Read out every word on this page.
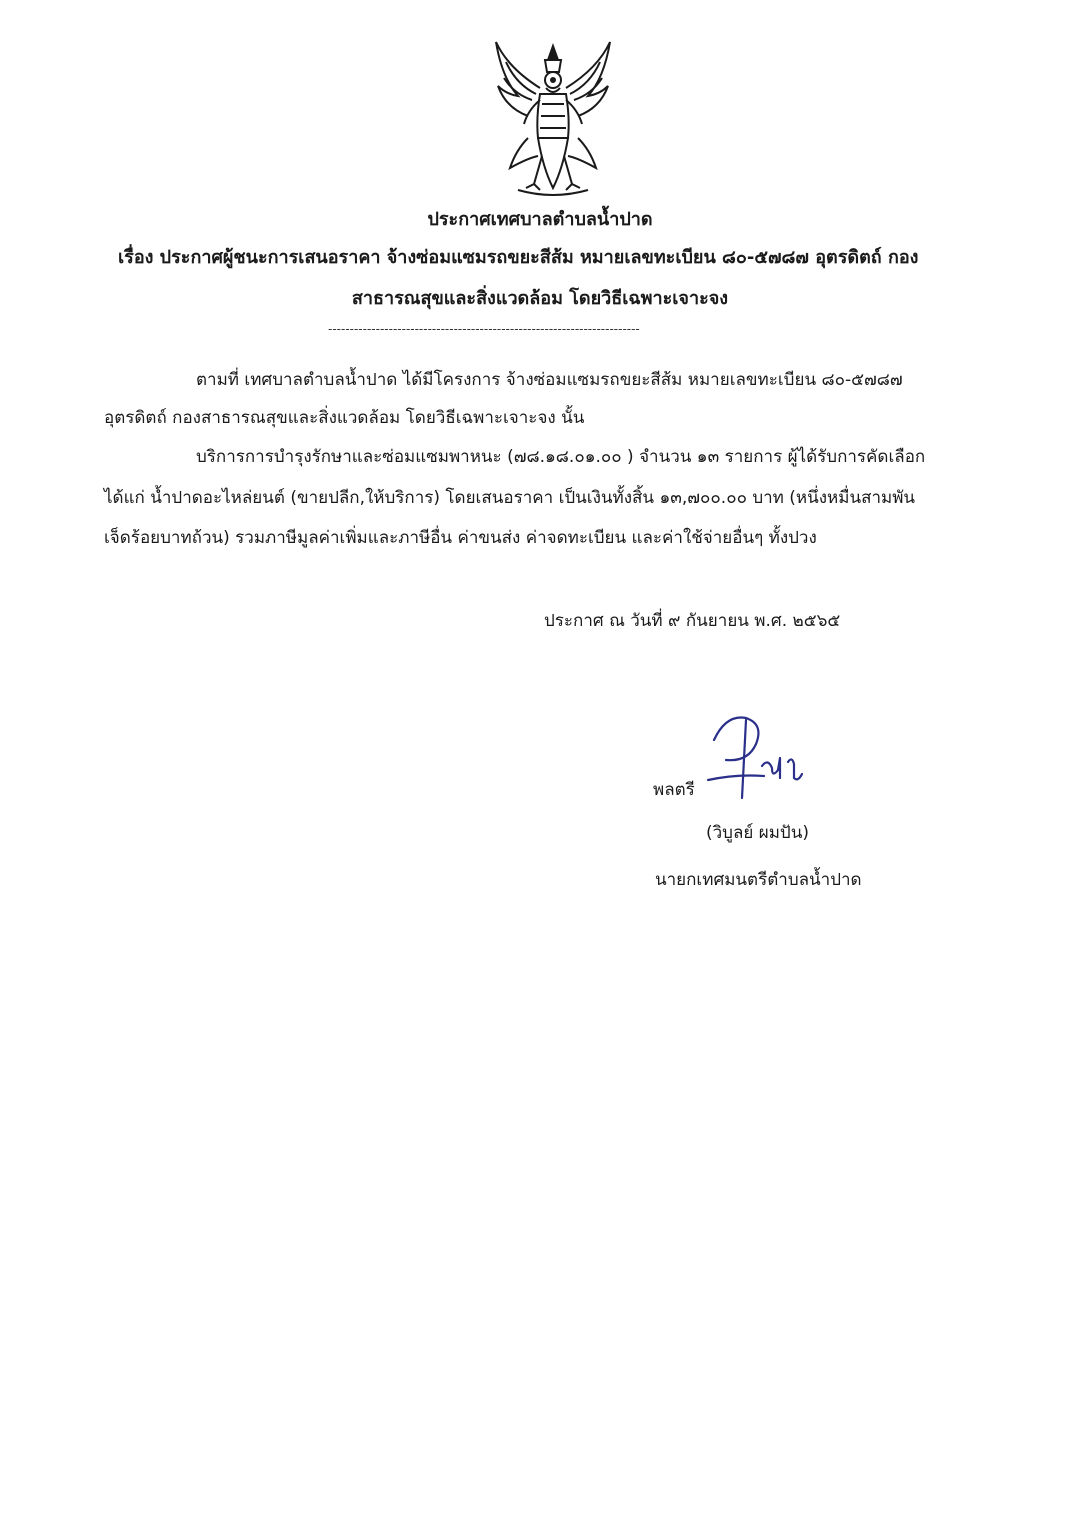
ประกาศเทศบาลตำบลน้ำปาด
เรื่อง ประกาศผู้ชนะการเสนอราคา จ้างซ่อมแซมรถขยะสีส้ม หมายเลขทะเบียน ๘๐-๕๗๘๗ อุตรดิตถ์ กอง
สาธารณสุขและสิ่งแวดล้อม โดยวิธีเฉพาะเจาะจง
------------------------------------------------------------------------
ตามที่ เทศบาลตำบลน้ำปาด ได้มีโครงการ จ้างซ่อมแซมรถขยะสีส้ม หมายเลขทะเบียน ๘๐-๕๗๘๗
อุตรดิตถ์ กองสาธารณสุขและสิ่งแวดล้อม โดยวิธีเฉพาะเจาะจง นั้น
บริการการบำรุงรักษาและซ่อมแซมพาหนะ (๗๘.๑๘.๐๑.๐๐ ) จำนวน ๑๓ รายการ ผู้ได้รับการคัดเลือก
ได้แก่ น้ำปาดอะไหล่ยนต์ (ขายปลีก,ให้บริการ) โดยเสนอราคา เป็นเงินทั้งสิ้น ๑๓,๗๐๐.๐๐ บาท (หนึ่งหมื่นสามพัน
เจ็ดร้อยบาทถ้วน) รวมภาษีมูลค่าเพิ่มและภาษีอื่น ค่าขนส่ง ค่าจดทะเบียน และค่าใช้จ่ายอื่นๆ ทั้งปวง
ประกาศ ณ วันที่ ๙ กันยายน พ.ศ. ๒๕๖๕
พลตรี
(วิบูลย์ ผมปัน)
นายกเทศมนตรีตำบลน้ำปาด
